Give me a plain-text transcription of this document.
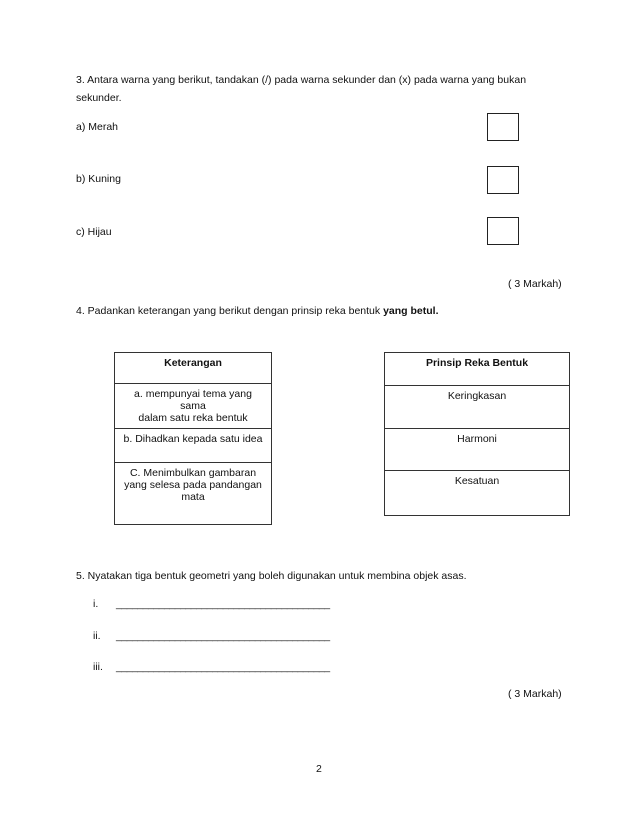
3. Antara warna yang berikut, tandakan (/) pada warna sekunder dan (x) pada warna yang bukan
sekunder.
a) Merah
b) Kuning
c) Hijau
( 3 Markah)
4. Padankan keterangan yang berikut dengan prinsip reka bentuk yang betul.
Keterangan

a. mempunyai tema yang sama
dalam satu reka bentuk

b. Dihadkan kepada satu idea

C. Menimbulkan gambaran
yang selesa pada pandangan
mata
Prinsip Reka Bentuk
Keringkasan
Harmoni
Kesatuan
5. Nyatakan tiga bentuk geometri yang boleh digunakan untuk membina objek asas.
i. ________________________________________
ii. ________________________________________
iii. ________________________________________
( 3 Markah)
2
